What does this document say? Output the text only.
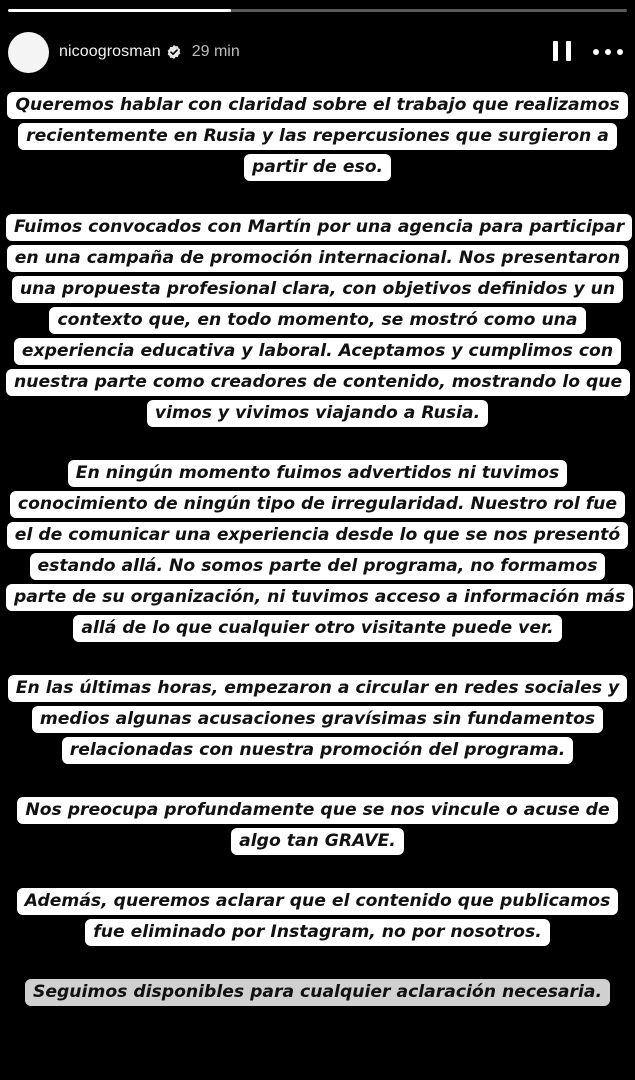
nicoogrosman 29 min

Queremos hablar con claridad sobre el trabajo que realizamos recientemente en Rusia y las repercusiones que surgieron a partir de eso.

Fuimos convocados con Martín por una agencia para participar en una campaña de promoción internacional. Nos presentaron una propuesta profesional clara, con objetivos definidos y un contexto que, en todo momento, se mostró como una experiencia educativa y laboral. Aceptamos y cumplimos con nuestra parte como creadores de contenido, mostrando lo que vimos y vivimos viajando a Rusia.

En ningún momento fuimos advertidos ni tuvimos conocimiento de ningún tipo de irregularidad. Nuestro rol fue el de comunicar una experiencia desde lo que se nos presentó estando allá. No somos parte del programa, no formamos parte de su organización, ni tuvimos acceso a información más allá de lo que cualquier otro visitante puede ver.

En las últimas horas, empezaron a circular en redes sociales y medios algunas acusaciones gravísimas sin fundamentos relacionadas con nuestra promoción del programa.

Nos preocupa profundamente que se nos vincule o acuse de algo tan GRAVE.

Además, queremos aclarar que el contenido que publicamos fue eliminado por Instagram, no por nosotros.

Seguimos disponibles para cualquier aclaración necesaria.
